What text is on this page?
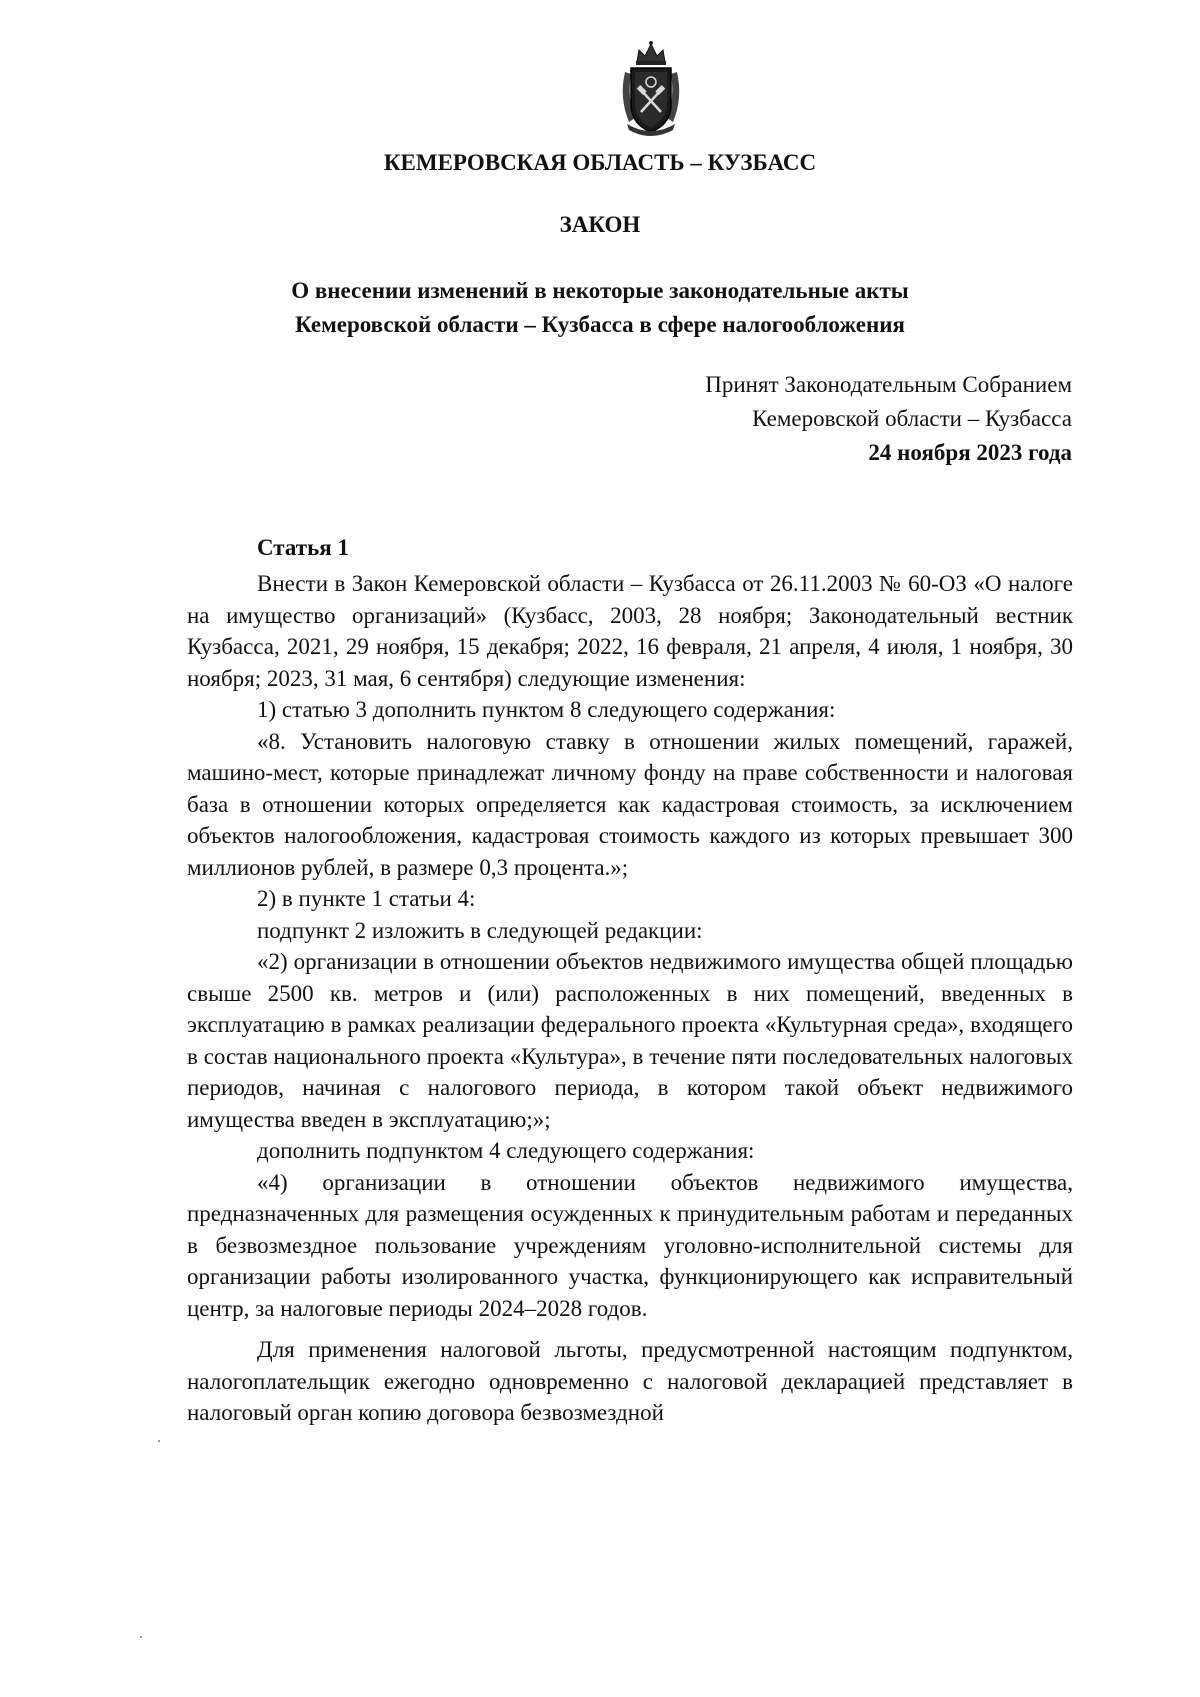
КЕМЕРОВСКАЯ ОБЛАСТЬ – КУЗБАСС
ЗАКОН
О внесении изменений в некоторые законодательные акты
Кемеровской области – Кузбасса в сфере налогообложения
Принят Законодательным Собранием
Кемеровской области – Кузбасса
24 ноября 2023 года
Статья 1

Внести в Закон Кемеровской области – Кузбасса от 26.11.2003 № 60-ОЗ «О налоге на имущество организаций» (Кузбасс, 2003, 28 ноября; Законодательный вестник Кузбасса, 2021, 29 ноября, 15 декабря; 2022, 16 февраля, 21 апреля, 4 июля, 1 ноября, 30 ноября; 2023, 31 мая, 6 сентября) следующие изменения:

1) статью 3 дополнить пунктом 8 следующего содержания:

«8. Установить налоговую ставку в отношении жилых помещений, гаражей, машино-мест, которые принадлежат личному фонду на праве собственности и налоговая база в отношении которых определяется как кадастровая стоимость, за исключением объектов налогообложения, кадастровая стоимость каждого из которых превышает 300 миллионов рублей, в размере 0,3 процента.»;

2) в пункте 1 статьи 4:

подпункт 2 изложить в следующей редакции:

«2) организации в отношении объектов недвижимого имущества общей площадью свыше 2500 кв. метров и (или) расположенных в них помещений, введенных в эксплуатацию в рамках реализации федерального проекта «Культурная среда», входящего в состав национального проекта «Культура», в течение пяти последовательных налоговых периодов, начиная с налогового периода, в котором такой объект недвижимого имущества введен в эксплуатацию;»;

дополнить подпунктом 4 следующего содержания:

«4) организации в отношении объектов недвижимого имущества, предназначенных для размещения осужденных к принудительным работам и переданных в безвозмездное пользование учреждениям уголовно-исполнительной системы для организации работы изолированного участка, функционирующего как исправительный центр, за налоговые периоды 2024–2028 годов.

Для применения налоговой льготы, предусмотренной настоящим подпунктом, налогоплательщик ежегодно одновременно с налоговой декларацией представляет в налоговый орган копию договора безвозмездной
